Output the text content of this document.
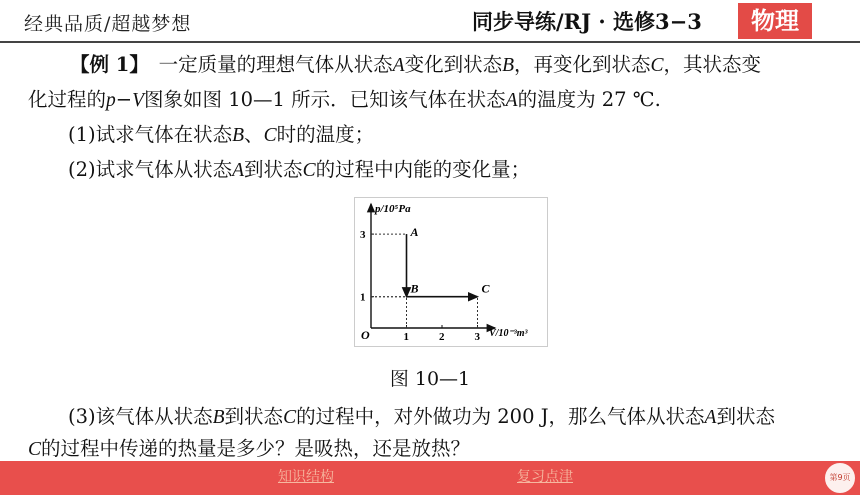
经典品质/超越梦想	同步导练/RJ · 选修3−3	物理
【例 1】　 一定质量的理想气体从状态A变化到状态B，再变化到状态C，其状态变
化过程的p−V图象如图 10—1 所示．已知该气体在状态A的温度为 27 ℃.
(1)试求气体在状态B、C时的温度；
(2)试求气体从状态A到状态C的过程中内能的变化量；
p/10⁵Pa
V/10⁻³m³
O	1	2	3
1
3	A
B	C
图 10—1
(3)该气体从状态B到状态C的过程中，对外做功为 200 J，那么气体从状态A到状态
C的过程中传递的热量是多少？是吸热，还是放热？
知识结构	复习点津	第9页
